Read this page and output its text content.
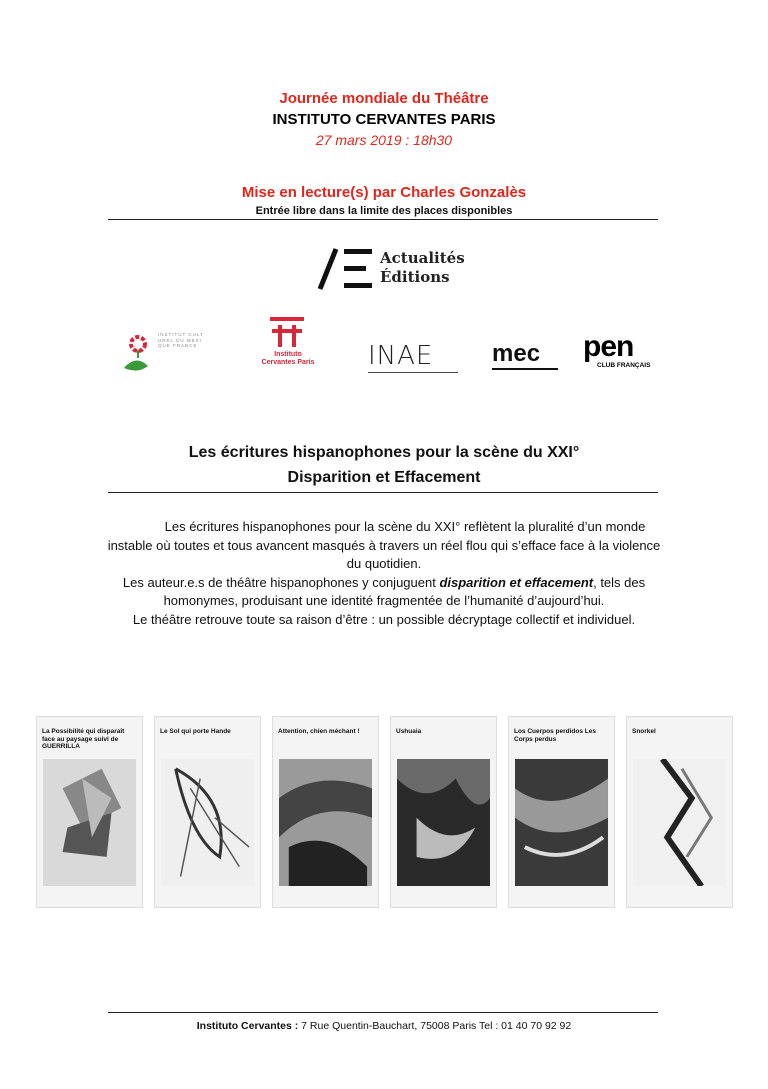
Journée mondiale du Théâtre
INSTITUTO CERVANTES PARIS
27 mars 2019 : 18h30
Mise en lecture(s) par Charles Gonzalès
Entrée libre dans la limite des places disponibles
Actualités
Éditions
INSTITUT CULTUREL DU MEXIQUE FRANCE
Instituto Cervantes París INAE	mec	pen
CLUB FRANÇAIS
Les écritures hispanophones pour la scène du XXI°
Disparition et Effacement

Les écritures hispanophones pour la scène du XXI° reflètent la pluralité d’un monde instable où toutes et tous avancent masqués à travers un réel flou qui s’efface face à la violence du quotidien.

Les auteur.e.s de théâtre hispanophones y conjuguent disparition et effacement, tels des homonymes, produisant une identité fragmentée de l’humanité d’aujourd’hui.

Le théâtre retrouve toute sa raison d’être : un possible décryptage collectif et individuel.

La Possibilité qui disparaît face au paysage suivi de GUERRILLA
Le Sol qui porte Hande	Attention, chien méchant !	Ushuaia	Los Cuerpos perdidos Les Corps perdus
Snorkel
Instituto Cervantes : 7 Rue Quentin-Bauchart, 75008 Paris Tel : 01 40 70 92 92
